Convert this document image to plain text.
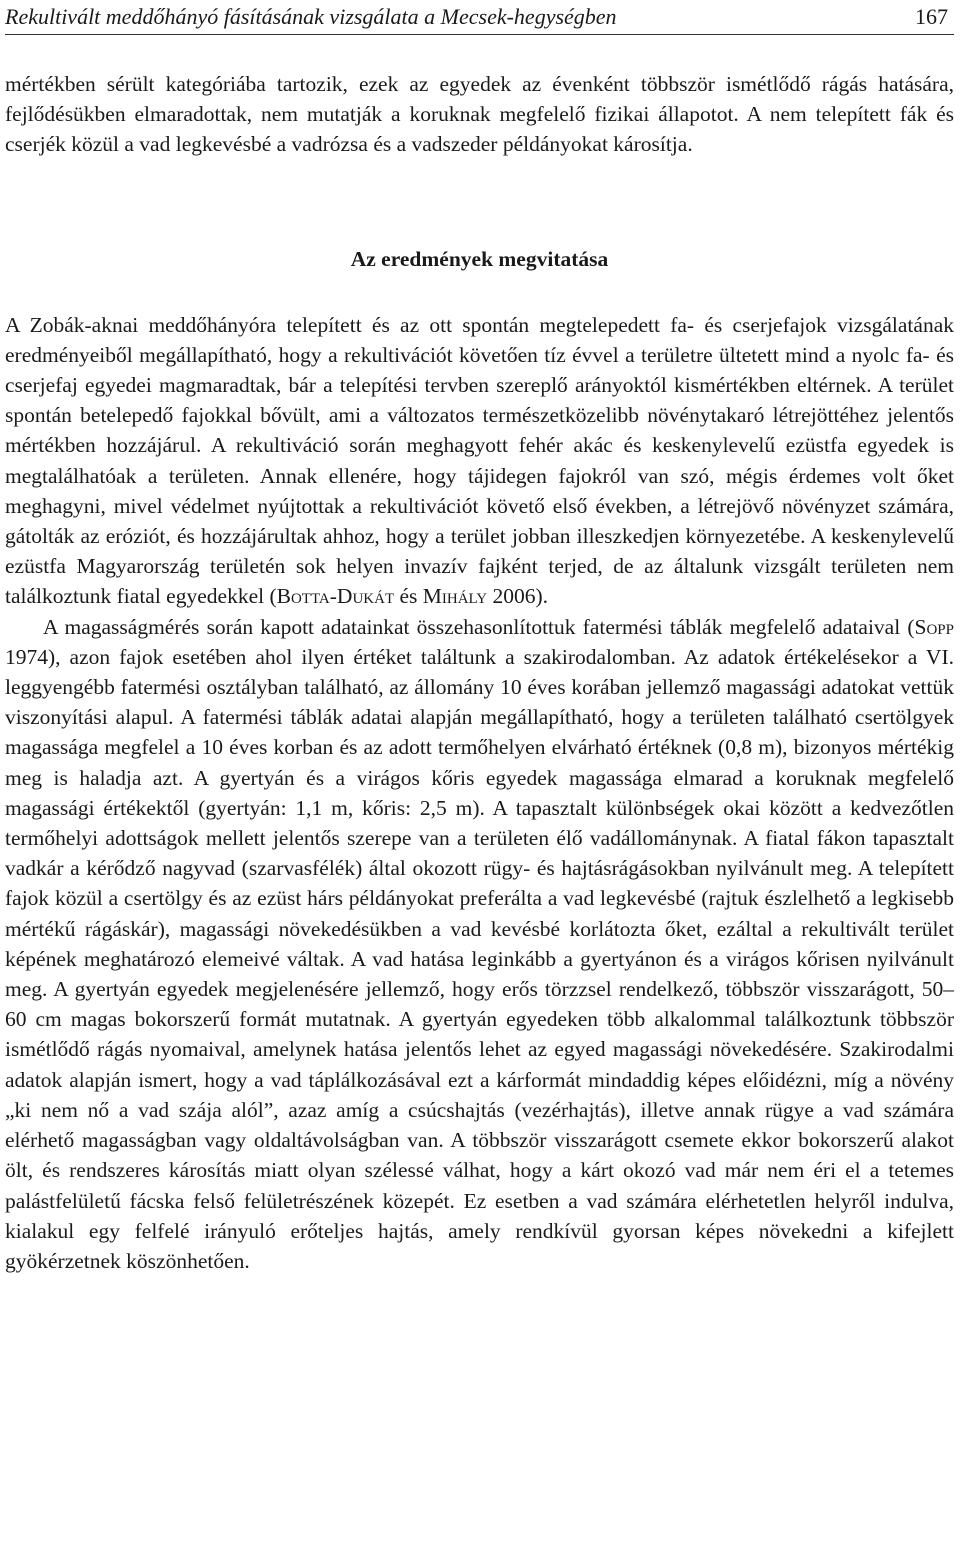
Rekultivált meddőhányó fásításának vizsgálata a Mecsek-hegységben	167

mértékben sérült kategóriába tartozik, ezek az egyedek az évenként többször ismétlődő rágás hatására, fejlődésükben elmaradottak, nem mutatják a koruknak megfelelő fizikai állapotot. A nem telepített fák és cserjék közül a vad legkevésbé a vadrózsa és a vadszeder példányokat károsítja.

Az eredmények megvitatása

A Zobák-aknai meddőhányóra telepített és az ott spontán megtelepedett fa- és cserjefajok vizsgálatának eredményeiből megállapítható, hogy a rekultivációt követően tíz évvel a területre ültetett mind a nyolc fa- és cserjefaj egyedei magmaradtak, bár a telepítési tervben szereplő arányoktól kismértékben eltérnek. A terület spontán betelepedő fajokkal bővült, ami a változatos természetközelibb növénytakaró létrejöttéhez jelentős mértékben hozzájárul. A rekultiváció során meghagyott fehér akác és keskenylevelű ezüstfa egyedek is megtalálhatóak a területen. Annak ellenére, hogy tájidegen fajokról van szó, mégis érdemes volt őket meghagyni, mivel védelmet nyújtottak a rekultivációt követő első években, a létrejövő növényzet számára, gátolták az eróziót, és hozzájárultak ahhoz, hogy a terület jobban illeszkedjen környezetébe. A keskenylevelű ezüstfa Magyarország területén sok helyen invazív fajként terjed, de az általunk vizsgált területen nem találkoztunk fiatal egyedekkel (Botta-Dukát és Mihály 2006).

A magasságmérés során kapott adatainkat összehasonlítottuk fatermési táblák megfelelő adataival (Sopp 1974), azon fajok esetében ahol ilyen értéket találtunk a szakirodalomban. Az adatok értékelésekor a VI. leggyengébb fatermési osztályban található, az állomány 10 éves korában jellemző magassági adatokat vettük viszonyítási alapul. A fatermési táblák adatai alapján megállapítható, hogy a területen található csertölgyek magassága megfelel a 10 éves korban és az adott termőhelyen elvárható értéknek (0,8 m), bizonyos mértékig meg is haladja azt. A gyertyán és a virágos kőris egyedek magassága elmarad a koruknak megfelelő magassági értékektől (gyertyán: 1,1 m, kőris: 2,5 m). A tapasztalt különbségek okai között a kedvezőtlen termőhelyi adottságok mellett jelentős szerepe van a területen élő vadállománynak. A fiatal fákon tapasztalt vadkár a kérődző nagyvad (szarvasfélék) által okozott rügy- és hajtásrágásokban nyilvánult meg. A telepített fajok közül a csertölgy és az ezüst hárs példányokat preferálta a vad legkevésbé (rajtuk észlelhető a legkisebb mértékű rágáskár), magassági növekedésükben a vad kevésbé korlátozta őket, ezáltal a rekultivált terület képének meghatározó elemeivé váltak. A vad hatása leginkább a gyertyánon és a virágos kőrisen nyilvánult meg. A gyertyán egyedek megjelenésére jellemző, hogy erős törzzsel rendelkező, többször visszarágott, 50–60 cm magas bokorszerű formát mutatnak. A gyertyán egyedeken több alkalommal találkoztunk többször ismétlődő rágás nyomaival, amelynek hatása jelentős lehet az egyed magassági növekedésére. Szakirodalmi adatok alapján ismert, hogy a vad táplálkozásával ezt a kárformát mindaddig képes előidézni, míg a növény „ki nem nő a vad szája alól”, azaz amíg a csúcshajtás (vezérhajtás), illetve annak rügye a vad számára elérhető magasságban vagy oldaltávolságban van. A többször visszarágott csemete ekkor bokorszerű alakot ölt, és rendszeres károsítás miatt olyan szélessé válhat, hogy a kárt okozó vad már nem éri el a tetemes palástfelületű fácska felső felületrészének közepét. Ez esetben a vad számára elérhetetlen helyről indulva, kialakul egy felfelé irányuló erőteljes hajtás, amely rendkívül gyorsan képes növekedni a kifejlett gyökérzetnek köszönhetően.
